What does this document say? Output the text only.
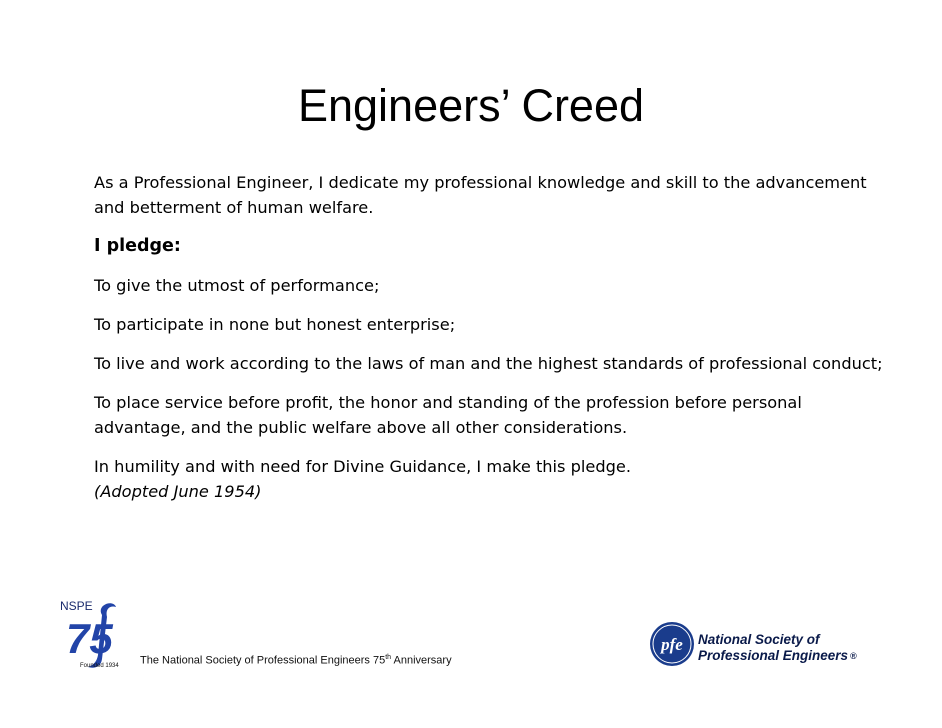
Engineers’ Creed

As a Professional Engineer, I dedicate my professional knowledge and skill to the advancement and betterment of human welfare.

I pledge:

To give the utmost of performance;

To participate in none but honest enterprise;

To live and work according to the laws of man and the highest standards of professional conduct;

To place service before profit, the honor and standing of the profession before personal advantage, and the public welfare above all other considerations.

In humility and with need for Divine Guidance, I make this pledge.
(Adopted June 1954)

NSPE
75
Founded 1934 The National Society of Professional Engineers 75th Anniversary
pfe National Society of
Professional Engineers ®
